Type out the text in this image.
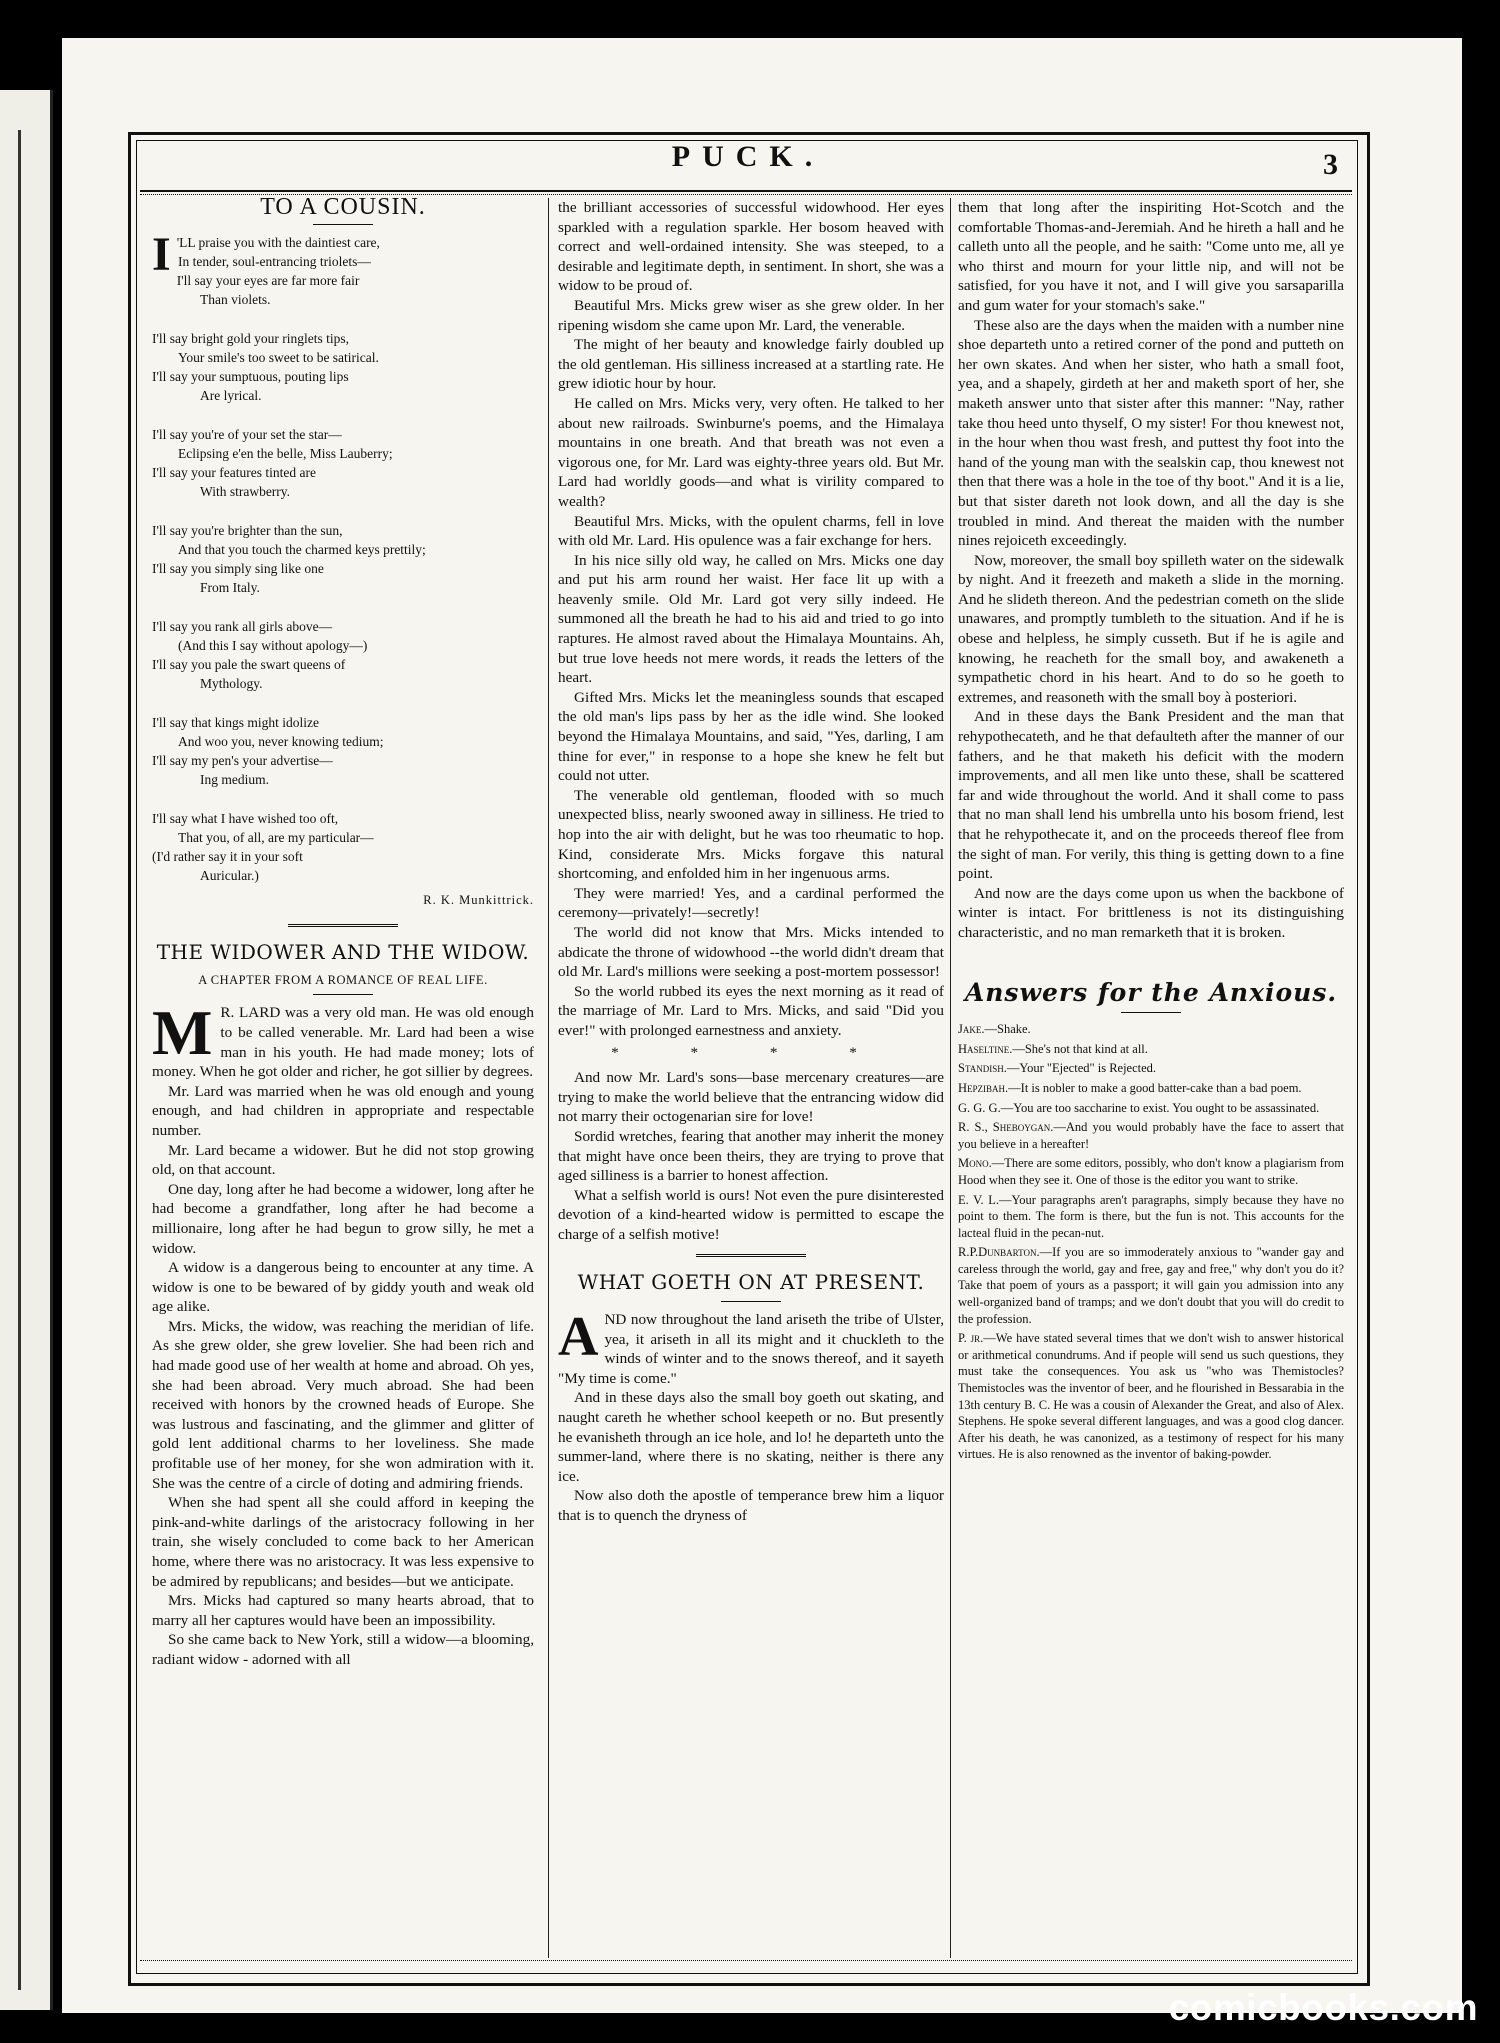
PUCK.	3
TO A COUSIN.
I 'LL praise you with the daintiest care,
In tender, soul-entrancing triolets—
I'll say your eyes are far more fair
Than violets.
I'll say bright gold your ringlets tips,
Your smile's too sweet to be satirical.
I'll say your sumptuous, pouting lips
Are lyrical.
I'll say you're of your set the star—
Eclipsing e'en the belle, Miss Lauberry;
I'll say your features tinted are
With strawberry.
I'll say you're brighter than the sun,
And that you touch the charmed keys prettily;
I'll say you simply sing like one
From Italy.
I'll say you rank all girls above—
(And this I say without apology—)
I'll say you pale the swart queens of
Mythology.
I'll say that kings might idolize
And woo you, never knowing tedium;
I'll say my pen's your advertise—
Ing medium.
I'll say what I have wished too oft,
That you, of all, are my particular—
(I'd rather say it in your soft
Auricular.)
R. K. Munkittrick.
THE WIDOWER AND THE WIDOW.
A CHAPTER FROM A ROMANCE OF REAL LIFE.
M R. LARD was a very old man. He was old enough to be called venerable. Mr. Lard had been a wise man in his youth. He had made money; lots of money. When he got older and richer, he got sillier by degrees.

Mr. Lard was married when he was old enough and young enough, and had children in appropriate and respectable number.

Mr. Lard became a widower. But he did not stop growing old, on that account.

One day, long after he had become a widower, long after he had become a grandfather, long after he had become a millionaire, long after he had begun to grow silly, he met a widow.

A widow is a dangerous being to encounter at any time. A widow is one to be bewared of by giddy youth and weak old age alike.

Mrs. Micks, the widow, was reaching the meridian of life. As she grew older, she grew lovelier. She had been rich and had made good use of her wealth at home and abroad. Oh yes, she had been abroad. Very much abroad. She had been received with honors by the crowned heads of Europe. She was lustrous and fascinating, and the glimmer and glitter of gold lent additional charms to her loveliness. She made profitable use of her money, for she won admiration with it. She was the centre of a circle of doting and admiring friends.

When she had spent all she could afford in keeping the pink-and-white darlings of the aristocracy following in her train, she wisely concluded to come back to her American home, where there was no aristocracy. It was less expensive to be admired by republicans; and besides—but we anticipate.

Mrs. Micks had captured so many hearts abroad, that to marry all her captures would have been an impossibility.

So she came back to New York, still a widow—a blooming, radiant widow - adorned with all

the brilliant accessories of successful widowhood. Her eyes sparkled with a regulation sparkle. Her bosom heaved with correct and well-ordained intensity. She was steeped, to a desirable and legitimate depth, in sentiment. In short, she was a widow to be proud of.

Beautiful Mrs. Micks grew wiser as she grew older. In her ripening wisdom she came upon Mr. Lard, the venerable.

The might of her beauty and knowledge fairly doubled up the old gentleman. His silliness increased at a startling rate. He grew idiotic hour by hour.

He called on Mrs. Micks very, very often. He talked to her about new railroads. Swinburne's poems, and the Himalaya mountains in one breath. And that breath was not even a vigorous one, for Mr. Lard was eighty-three years old. But Mr. Lard had worldly goods—and what is virility compared to wealth?

Beautiful Mrs. Micks, with the opulent charms, fell in love with old Mr. Lard. His opulence was a fair exchange for hers.

In his nice silly old way, he called on Mrs. Micks one day and put his arm round her waist. Her face lit up with a heavenly smile. Old Mr. Lard got very silly indeed. He summoned all the breath he had to his aid and tried to go into raptures. He almost raved about the Himalaya Mountains. Ah, but true love heeds not mere words, it reads the letters of the heart.

Gifted Mrs. Micks let the meaningless sounds that escaped the old man's lips pass by her as the idle wind. She looked beyond the Himalaya Mountains, and said, "Yes, darling, I am thine for ever," in response to a hope she knew he felt but could not utter.

The venerable old gentleman, flooded with so much unexpected bliss, nearly swooned away in silliness. He tried to hop into the air with delight, but he was too rheumatic to hop. Kind, considerate Mrs. Micks forgave this natural shortcoming, and enfolded him in her ingenuous arms.

They were married! Yes, and a cardinal performed the ceremony—privately!—secretly!

The world did not know that Mrs. Micks intended to abdicate the throne of widowhood --the world didn't dream that old Mr. Lard's millions were seeking a post-mortem possessor!

So the world rubbed its eyes the next morning as it read of the marriage of Mr. Lard to Mrs. Micks, and said "Did you ever!" with prolonged earnestness and anxiety.

* * * *

And now Mr. Lard's sons—base mercenary creatures—are trying to make the world believe that the entrancing widow did not marry their octogenarian sire for love!

Sordid wretches, fearing that another may inherit the money that might have once been theirs, they are trying to prove that aged silliness is a barrier to honest affection.

What a selfish world is ours! Not even the pure disinterested devotion of a kind-hearted widow is permitted to escape the charge of a selfish motive!

WHAT GOETH ON AT PRESENT.
A ND now throughout the land ariseth the tribe of Ulster, yea, it ariseth in all its might and it chuckleth to the winds of winter and to the snows thereof, and it sayeth "My time is come."

And in these days also the small boy goeth out skating, and naught careth he whether school keepeth or no. But presently he evanisheth through an ice hole, and lo! he departeth unto the summer-land, where there is no skating, neither is there any ice.

Now also doth the apostle of temperance brew him a liquor that is to quench the dryness of

them that long after the inspiriting Hot-Scotch and the comfortable Thomas-and-Jeremiah. And he hireth a hall and he calleth unto all the people, and he saith: "Come unto me, all ye who thirst and mourn for your little nip, and will not be satisfied, for you have it not, and I will give you sarsaparilla and gum water for your stomach's sake."

These also are the days when the maiden with a number nine shoe departeth unto a retired corner of the pond and putteth on her own skates. And when her sister, who hath a small foot, yea, and a shapely, girdeth at her and maketh sport of her, she maketh answer unto that sister after this manner: "Nay, rather take thou heed unto thyself, O my sister! For thou knewest not, in the hour when thou wast fresh, and puttest thy foot into the hand of the young man with the sealskin cap, thou knewest not then that there was a hole in the toe of thy boot." And it is a lie, but that sister dareth not look down, and all the day is she troubled in mind. And thereat the maiden with the number nines rejoiceth exceedingly.

Now, moreover, the small boy spilleth water on the sidewalk by night. And it freezeth and maketh a slide in the morning. And he slideth thereon. And the pedestrian cometh on the slide unawares, and promptly tumbleth to the situation. And if he is obese and helpless, he simply cusseth. But if he is agile and knowing, he reacheth for the small boy, and awakeneth a sympathetic chord in his heart. And to do so he goeth to extremes, and reasoneth with the small boy à posteriori.

And in these days the Bank President and the man that rehypothecateth, and he that defaulteth after the manner of our fathers, and he that maketh his deficit with the modern improvements, and all men like unto these, shall be scattered far and wide throughout the world. And it shall come to pass that no man shall lend his umbrella unto his bosom friend, lest that he rehypothecate it, and on the proceeds thereof flee from the sight of man. For verily, this thing is getting down to a fine point.

And now are the days come upon us when the backbone of winter is intact. For brittleness is not its distinguishing characteristic, and no man remarketh that it is broken.

Answers for the Anxious.

Jake.—Shake.

Haseltine.—She's not that kind at all.

Standish.—Your "Ejected" is Rejected.

Hepzibah.—It is nobler to make a good batter-cake than a bad poem.

G. G. G.—You are too saccharine to exist. You ought to be assassinated.

R. S., Sheboygan.—And you would probably have the face to assert that you believe in a hereafter!

Mono.—There are some editors, possibly, who don't know a plagiarism from Hood when they see it. One of those is the editor you want to strike.

E. V. L.—Your paragraphs aren't paragraphs, simply because they have no point to them. The form is there, but the fun is not. This accounts for the lacteal fluid in the pecan-nut.

R.P.Dunbarton.—If you are so immoderately anxious to "wander gay and careless through the world, gay and free, gay and free," why don't you do it? Take that poem of yours as a passport; it will gain you admission into any well-organized band of tramps; and we don't doubt that you will do credit to the profession.

P. jr.—We have stated several times that we don't wish to answer historical or arithmetical conundrums. And if people will send us such questions, they must take the consequences. You ask us "who was Themistocles? Themistocles was the inventor of beer, and he flourished in Bessarabia in the 13th century B. C. He was a cousin of Alexander the Great, and also of Alex. Stephens. He spoke several different languages, and was a good clog dancer. After his death, he was canonized, as a testimony of respect for his many virtues. He is also renowned as the inventor of baking-powder.

comicbooks.com
